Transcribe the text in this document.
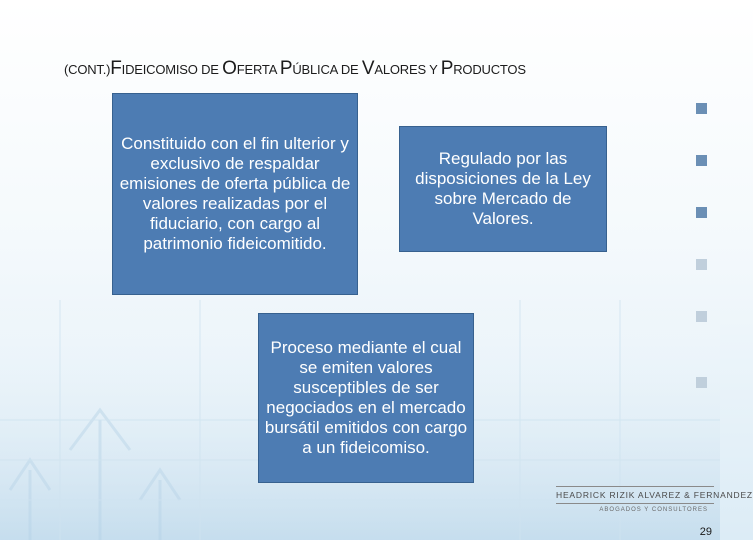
(CONT.)FIDEICOMISO DE OFERTA PÚBLICA DE VALORES Y PRODUCTOS
Constituido con el fin ulterior y exclusivo de respaldar emisiones de oferta pública de valores realizadas por el fiduciario, con cargo al patrimonio fideicomitido.
Regulado por las disposiciones de la Ley sobre Mercado de Valores.
Proceso mediante el cual se emiten valores susceptibles de ser negociados en el mercado bursátil emitidos con cargo a un fideicomiso.
HEADRICK RIZIK ALVAREZ & FERNANDEZ
ABOGADOS Y CONSULTORES
29
